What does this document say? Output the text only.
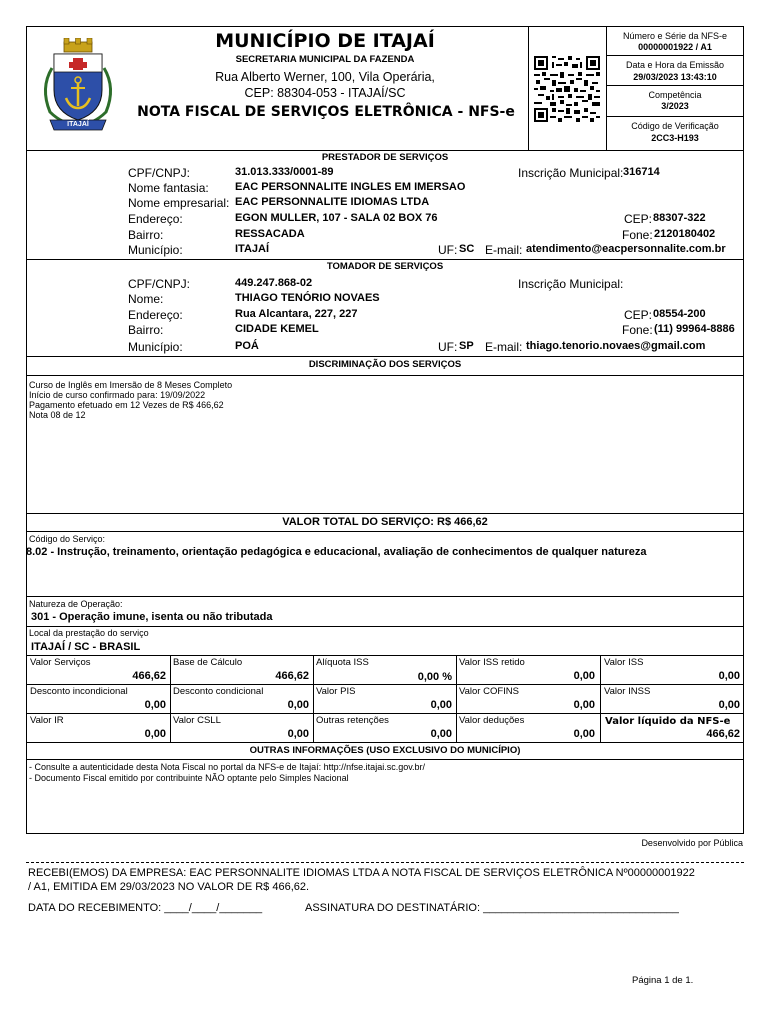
ITAJAÍ
MUNICÍPIO DE ITAJAÍ
SECRETARIA MUNICIPAL DA FAZENDA
Rua Alberto Werner, 100, Vila Operária,
CEP: 88304-053 - ITAJAÍ/SC
NOTA FISCAL DE SERVIÇOS ELETRÔNICA - NFS-e
Número e Série da NFS-e
00000001922 / A1
Data e Hora da Emissão
29/03/2023 13:43:10
Competência
3/2023
Código de Verificação
2CC3-H193
PRESTADOR DE SERVIÇOS
CPF/CNPJ:	31.013.333/0001-89	Inscrição Municipal: 316714
Nome fantasia: EAC PERSONNALITE INGLES EM IMERSAO
Nome empresarial: EAC PERSONNALITE IDIOMAS LTDA
Endereço:	EGON MULLER, 107 - SALA 02 BOX 76	CEP: 88307-322
Bairro:	RESSACADA	Fone: 2120180402
Município:	ITAJAÍ	UF: SC E-mail: atendimento@eacpersonnalite.com.br
TOMADOR DE SERVIÇOS
CPF/CNPJ:	449.247.868-02	Inscrição Municipal:
Nome:	THIAGO TENÓRIO NOVAES
Endereço:	Rua Alcantara, 227, 227	CEP: 08554-200
Bairro:	CIDADE KEMEL	Fone: (11) 99964-8886
Município:	POÁ	UF: SP E-mail: thiago.tenorio.novaes@gmail.com
DISCRIMINAÇÃO DOS SERVIÇOS
Curso de Inglês em Imersão de 8 Meses Completo
Início de curso confirmado para: 19/09/2022
Pagamento efetuado em 12 Vezes de R$ 466,62
Nota 08 de 12
VALOR TOTAL DO SERVIÇO: R$ 466,62
Código do Serviço:
8.02 - Instrução, treinamento, orientação pedagógica e educacional, avaliação de conhecimentos de qualquer natureza
Natureza de Operação:
301 - Operação imune, isenta ou não tributada
Local da prestação do serviço
ITAJAÍ / SC - BRASIL
Valor Serviços
466,62
Base de Cálculo
466,62
Alíquota ISS
0,00 %
Valor ISS retido
0,00
Valor ISS
0,00
Desconto incondicional
0,00
Desconto condicional
0,00
Valor PIS
0,00
Valor COFINS
0,00
Valor INSS
0,00
Valor IR
0,00
Valor CSLL
0,00
Outras retenções
0,00
Valor deduções
0,00
Valor líquido da NFS-e
466,62
OUTRAS INFORMAÇÕES (USO EXCLUSIVO DO MUNICÍPIO)
- Consulte a autenticidade desta Nota Fiscal no portal da NFS-e de Itajaí: http://nfse.itajai.sc.gov.br/
- Documento Fiscal emitido por contribuinte NÃO optante pelo Simples Nacional
Desenvolvido por Pública
RECEBI(EMOS) DA EMPRESA: EAC PERSONNALITE IDIOMAS LTDA A NOTA FISCAL DE SERVIÇOS ELETRÔNICA Nº00000001922
/ A1, EMITIDA EM 29/03/2023 NO VALOR DE R$ 466,62.
DATA DO RECEBIMENTO: ____/____/_______	ASSINATURA DO DESTINATÁRIO: ________________________________
Página 1 de 1.
